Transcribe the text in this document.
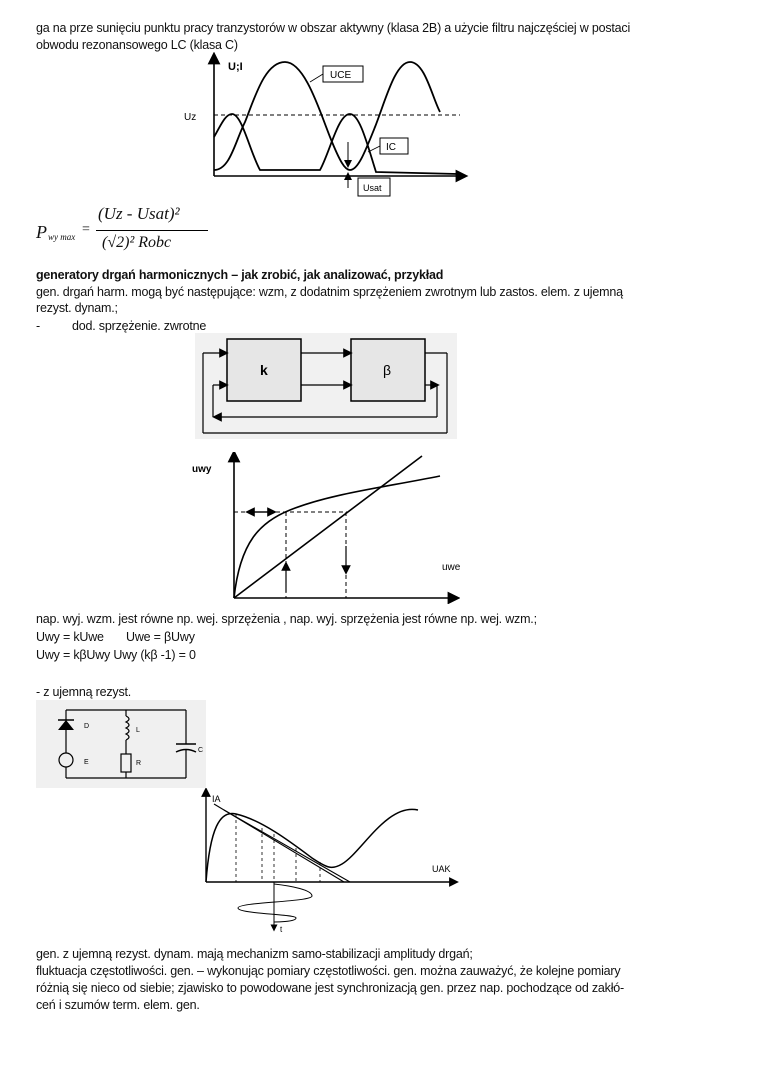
ga na prze sunięciu punktu pracy tranzystorów w obszar aktywny (klasa 2B) a użycie filtru najczęściej w postaci
obwodu rezonansowego LC (klasa C)
U;I
Uz
UCE
IC
Usat
P wy max =
(Uz - Usat)²
(√2)² Robc
generatory drgań harmonicznych – jak zrobić, jak analizować, przykład
gen. drgań harm. mogą być następujące: wzm, z dodatnim sprzężeniem zwrotnym lub zastos. elem. z ujemną
rezyst. dynam.;
-	dod. sprzężenie. zwrotne
k	β
uwy
uwe
nap. wyj. wzm. jest równe np. wej. sprzężenia , nap. wyj. sprzężenia jest równe np. wej. wzm.;
Uwy = kUwe Uwe = βUwy
Uwy = kβUwy Uwy (kβ -1) = 0
- z ujemną rezyst.
D
E
L
R
C
IA
UAK
t
gen. z ujemną rezyst. dynam. mają mechanizm samo-stabilizacji amplitudy drgań;
fluktuacja częstotliwości. gen. – wykonując pomiary częstotliwości. gen. można zauważyć, że kolejne pomiary
różnią się nieco od siebie; zjawisko to powodowane jest synchronizacją gen. przez nap. pochodzące od zakłó-
ceń i szumów term. elem. gen.
